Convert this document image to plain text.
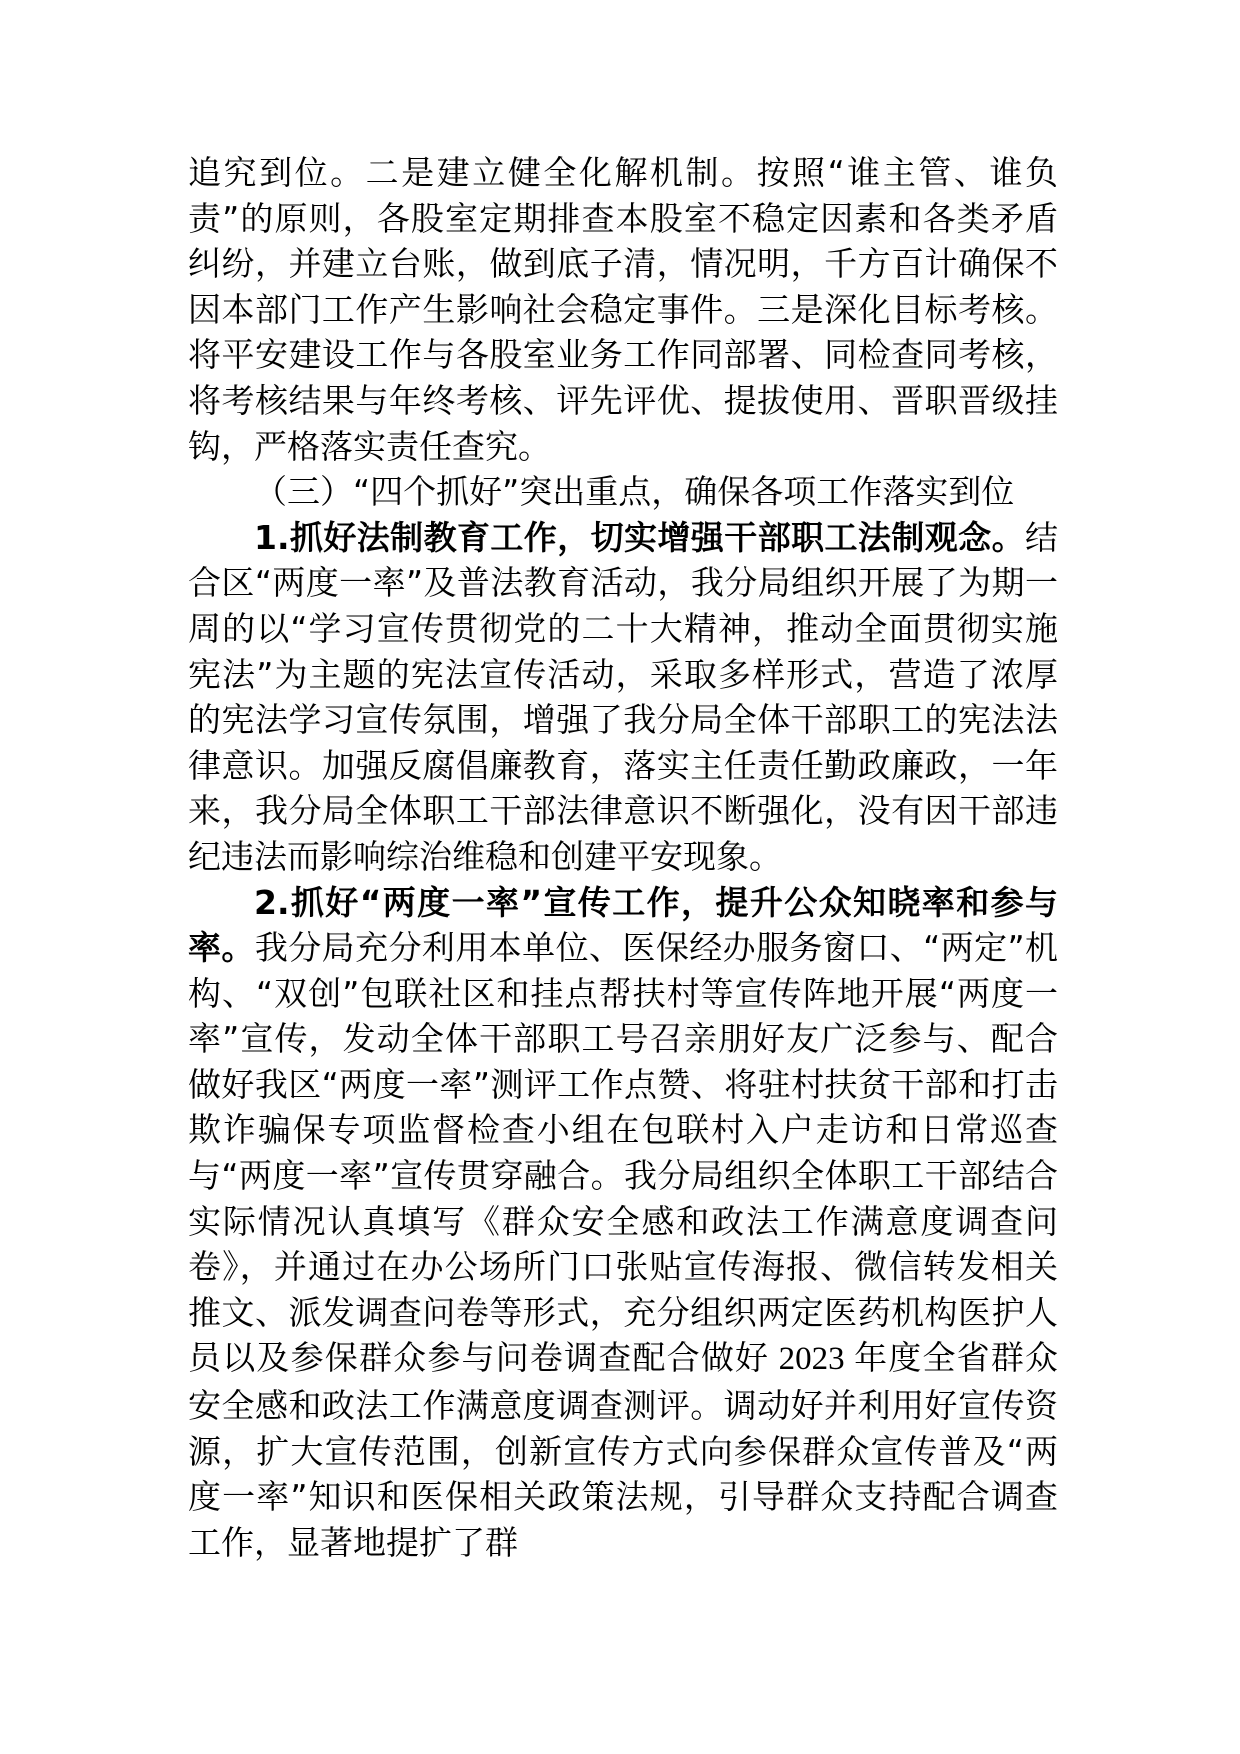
追究到位。二是建立健全化解机制。按照“谁主管、谁负责”的原则，各股室定期排查本股室不稳定因素和各类矛盾纠纷，并建立台账，做到底子清，情况明，千方百计确保不因本部门工作产生影响社会稳定事件。三是深化目标考核。将平安建设工作与各股室业务工作同部署、同检查同考核，将考核结果与年终考核、评先评优、提拔使用、晋职晋级挂钩，严格落实责任查究。

（三）“四个抓好”突出重点，确保各项工作落实到位

1.抓好法制教育工作，切实增强干部职工法制观念。结合区“两度一率”及普法教育活动，我分局组织开展了为期一周的以“学习宣传贯彻党的二十大精神，推动全面贯彻实施宪法”为主题的宪法宣传活动，采取多样形式，营造了浓厚的宪法学习宣传氛围，增强了我分局全体干部职工的宪法法律意识。加强反腐倡廉教育，落实主任责任勤政廉政，一年来，我分局全体职工干部法律意识不断强化，没有因干部违纪违法而影响综治维稳和创建平安现象。

2.抓好“两度一率”宣传工作，提升公众知晓率和参与率。我分局充分利用本单位、医保经办服务窗口、“两定”机构、“双创”包联社区和挂点帮扶村等宣传阵地开展“两度一率”宣传，发动全体干部职工号召亲朋好友广泛参与、配合做好我区“两度一率”测评工作点赞、将驻村扶贫干部和打击欺诈骗保专项监督检查小组在包联村入户走访和日常巡查与“两度一率”宣传贯穿融合。我分局组织全体职工干部结合实际情况认真填写《群众安全感和政法工作满意度调查问卷》，并通过在办公场所门口张贴宣传海报、微信转发相关推文、派发调查问卷等形式，充分组织两定医药机构医护人员以及参保群众参与问卷调查配合做好 2023 年度全省群众安全感和政法工作满意度调查测评。调动好并利用好宣传资源，扩大宣传范围，创新宣传方式向参保群众宣传普及“两度一率”知识和医保相关政策法规，引导群众支持配合调查工作，显著地提扩了群
